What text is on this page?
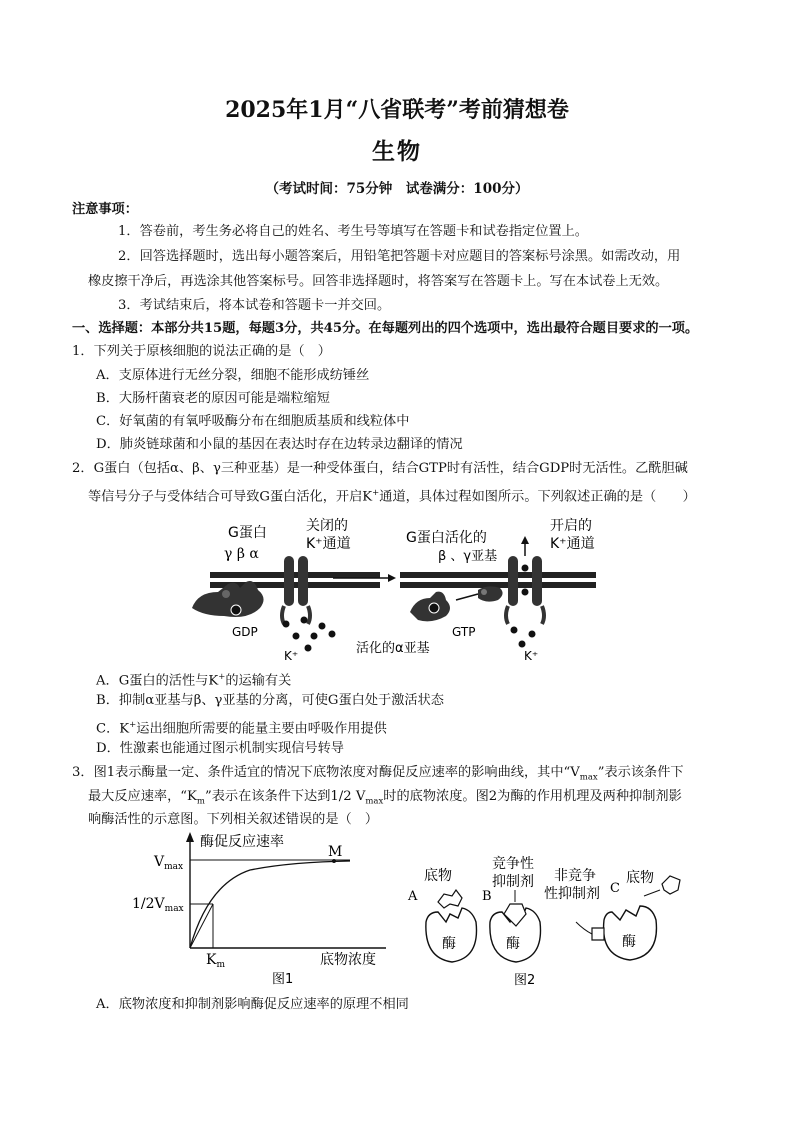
2025年1月“八省联考”考前猜想卷
生物
（考试时间：75分钟　试卷满分：100分）
注意事项：
1．答卷前，考生务必将自己的姓名、考生号等填写在答题卡和试卷指定位置上。
2．回答选择题时，选出每小题答案后，用铅笔把答题卡对应题目的答案标号涂黑。如需改动，用
橡皮擦干净后，再选涂其他答案标号。回答非选择题时，将答案写在答题卡上。写在本试卷上无效。
3．考试结束后，将本试卷和答题卡一并交回。
一、选择题：本部分共15题，每题3分，共45分。在每题列出的四个选项中，选出最符合题目要求的一项。
1．下列关于原核细胞的说法正确的是（　）
A．支原体进行无丝分裂，细胞不能形成纺锤丝
B．大肠杆菌衰老的原因可能是端粒缩短
C．好氧菌的有氧呼吸酶分布在细胞质基质和线粒体中
D．肺炎链球菌和小鼠的基因在表达时存在边转录边翻译的情况
2．G蛋白（包括α、β、γ三种亚基）是一种受体蛋白，结合GTP时有活性，结合GDP时无活性。乙酰胆碱
等信号分子与受体结合可导致G蛋白活化，开启K+通道，具体过程如图所示。下列叙述正确的是（　　）
G蛋白
γ β α
关闭的
K⁺通道
GDP
K⁺
G蛋白活化的
β 、γ亚基
开启的
K⁺通道
GTP
活化的α亚基	K⁺
A．G蛋白的活性与K+的运输有关
B．抑制α亚基与β、γ亚基的分离，可使G蛋白处于激活状态
C．K+运出细胞所需要的能量主要由呼吸作用提供
D．性激素也能通过图示机制实现信号转导
3．图1表示酶量一定、条件适宜的情况下底物浓度对酶促反应速率的影响曲线，其中“$V_{max}$”表示该条件下
最大反应速率，“$K_m$”表示在该条件下达到1/2 $V_{max}$时的底物浓度。图2为酶的作用机理及两种抑制剂影
响酶活性的示意图。下列相关叙述错误的是（　）
酶促反应速率
$V_{max}$
$1/2V_{max}$
M
$K_m$	底物浓度
图1
A
底物
酶
B
竞争性
抑制剂
酶
非竞争
性抑制剂 C
底物
酶
图2
A．底物浓度和抑制剂影响酶促反应速率的原理不相同
